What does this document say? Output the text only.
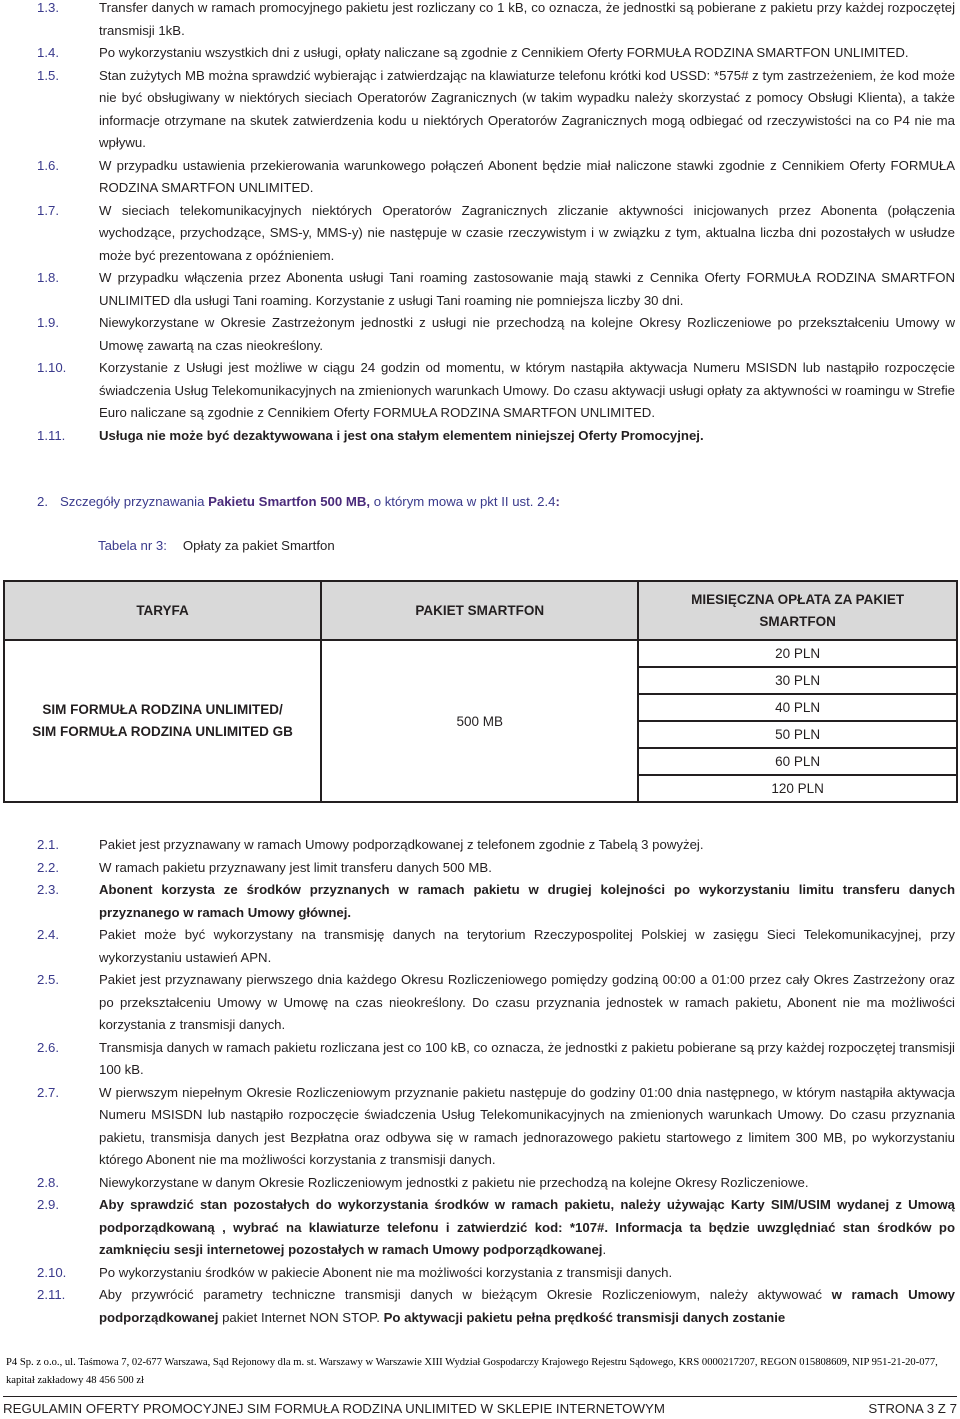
1.3.	Transfer danych w ramach promocyjnego pakietu jest rozliczany co 1 kB, co oznacza, że jednostki są pobierane z pakietu przy każdej rozpoczętej transmisji 1kB.
1.4.	Po wykorzystaniu wszystkich dni z usługi, opłaty naliczane są zgodnie z Cennikiem Oferty FORMUŁA RODZINA SMARTFON UNLIMITED.
1.5.	Stan zużytych MB można sprawdzić wybierając i zatwierdzając na klawiaturze telefonu krótki kod USSD: *575# z tym zastrzeżeniem, że kod może nie być obsługiwany w niektórych sieciach Operatorów Zagranicznych (w takim wypadku należy skorzystać z pomocy Obsługi Klienta), a także informacje otrzymane na skutek zatwierdzenia kodu u niektórych Operatorów Zagranicznych mogą odbiegać od rzeczywistości na co P4 nie ma wpływu.
1.6.	W przypadku ustawienia przekierowania warunkowego połączeń Abonent będzie miał naliczone stawki zgodnie z Cennikiem Oferty FORMUŁA RODZINA SMARTFON UNLIMITED.
1.7.	W sieciach telekomunikacyjnych niektórych Operatorów Zagranicznych zliczanie aktywności inicjowanych przez Abonenta (połączenia wychodzące, przychodzące, SMS-y, MMS-y) nie następuje w czasie rzeczywistym i w związku z tym, aktualna liczba dni pozostałych w usłudze może być prezentowana z opóźnieniem.
1.8.	W przypadku włączenia przez Abonenta usługi Tani roaming zastosowanie mają stawki z Cennika Oferty FORMUŁA RODZINA SMARTFON UNLIMITED dla usługi Tani roaming. Korzystanie z usługi Tani roaming nie pomniejsza liczby 30 dni.
1.9.	Niewykorzystane w Okresie Zastrzeżonym jednostki z usługi nie przechodzą na kolejne Okresy Rozliczeniowe po przekształceniu Umowy w Umowę zawartą na czas nieokreślony.
1.10. Korzystanie z Usługi jest możliwe w ciągu 24 godzin od momentu, w którym nastąpiła aktywacja Numeru MSISDN lub nastąpiło rozpoczęcie świadczenia Usług Telekomunikacyjnych na zmienionych warunkach Umowy. Do czasu aktywacji usługi opłaty za aktywności w roamingu w Strefie Euro naliczane są zgodnie z Cennikiem Oferty FORMUŁA RODZINA SMARTFON UNLIMITED.
1.11.	Usługa nie może być dezaktywowana i jest ona stałym elementem niniejszej Oferty Promocyjnej.
2. Szczegóły przyznawania Pakietu Smartfon 500 MB, o którym mowa w pkt II ust. 2.4:
Tabela nr 3: Opłaty za pakiet Smartfon
TARYFA	PAKIET SMARTFON	MIESIĘCZNA OPŁATA ZA PAKIET SMARTFON
SIM FORMUŁA RODZINA UNLIMITED/
SIM FORMUŁA RODZINA UNLIMITED GB	500 MB	20 PLN
		30 PLN
		40 PLN
		50 PLN
		60 PLN
		120 PLN
2.1.	Pakiet jest przyznawany w ramach Umowy podporządkowanej z telefonem zgodnie z Tabelą 3 powyżej.
2.2.	W ramach pakietu przyznawany jest limit transferu danych 500 MB.
2.3.	Abonent korzysta ze środków przyznanych w ramach pakietu w drugiej kolejności po wykorzystaniu limitu transferu danych przyznanego w ramach Umowy głównej.
2.4.	Pakiet może być wykorzystany na transmisję danych na terytorium Rzeczypospolitej Polskiej w zasięgu Sieci Telekomunikacyjnej, przy wykorzystaniu ustawień APN.
2.5.	Pakiet jest przyznawany pierwszego dnia każdego Okresu Rozliczeniowego pomiędzy godziną 00:00 a 01:00 przez cały Okres Zastrzeżony oraz po przekształceniu Umowy w Umowę na czas nieokreślony. Do czasu przyznania jednostek w ramach pakietu, Abonent nie ma możliwości korzystania z transmisji danych.
2.6.	Transmisja danych w ramach pakietu rozliczana jest co 100 kB, co oznacza, że jednostki z pakietu pobierane są przy każdej rozpoczętej transmisji 100 kB.
2.7.	W pierwszym niepełnym Okresie Rozliczeniowym przyznanie pakietu następuje do godziny 01:00 dnia następnego, w którym nastąpiła aktywacja Numeru MSISDN lub nastąpiło rozpoczęcie świadczenia Usług Telekomunikacyjnych na zmienionych warunkach Umowy. Do czasu przyznania pakietu, transmisja danych jest Bezpłatna oraz odbywa się w ramach jednorazowego pakietu startowego z limitem 300 MB, po wykorzystaniu którego Abonent nie ma możliwości korzystania z transmisji danych.
2.8.	Niewykorzystane w danym Okresie Rozliczeniowym jednostki z pakietu nie przechodzą na kolejne Okresy Rozliczeniowe.
2.9.	Aby sprawdzić stan pozostałych do wykorzystania środków w ramach pakietu, należy używając Karty SIM/USIM wydanej z Umową podporządkowaną , wybrać na klawiaturze telefonu i zatwierdzić kod: *107#. Informacja ta będzie uwzględniać stan środków po zamknięciu sesji internetowej pozostałych w ramach Umowy podporządkowanej.
2.10. Po wykorzystaniu środków w pakiecie Abonent nie ma możliwości korzystania z transmisji danych.
2.11.	Aby przywrócić parametry techniczne transmisji danych w bieżącym Okresie Rozliczeniowym, należy aktywować w ramach Umowy podporządkowanej pakiet Internet NON STOP. Po aktywacji pakietu pełna prędkość transmisji danych zostanie
P4 Sp. z o.o., ul. Taśmowa 7, 02-677 Warszawa, Sąd Rejonowy dla m. st. Warszawy w Warszawie XIII Wydział Gospodarczy Krajowego Rejestru Sądowego, KRS 0000217207, REGON 015808609, NIP 951-21-20-077, kapitał zakładowy 48 456 500 zł
REGULAMIN OFERTY PROMOCYJNEJ SIM FORMUŁA RODZINA UNLIMITED W SKLEPIE INTERNETOWYM	STRONA 3 Z 7
